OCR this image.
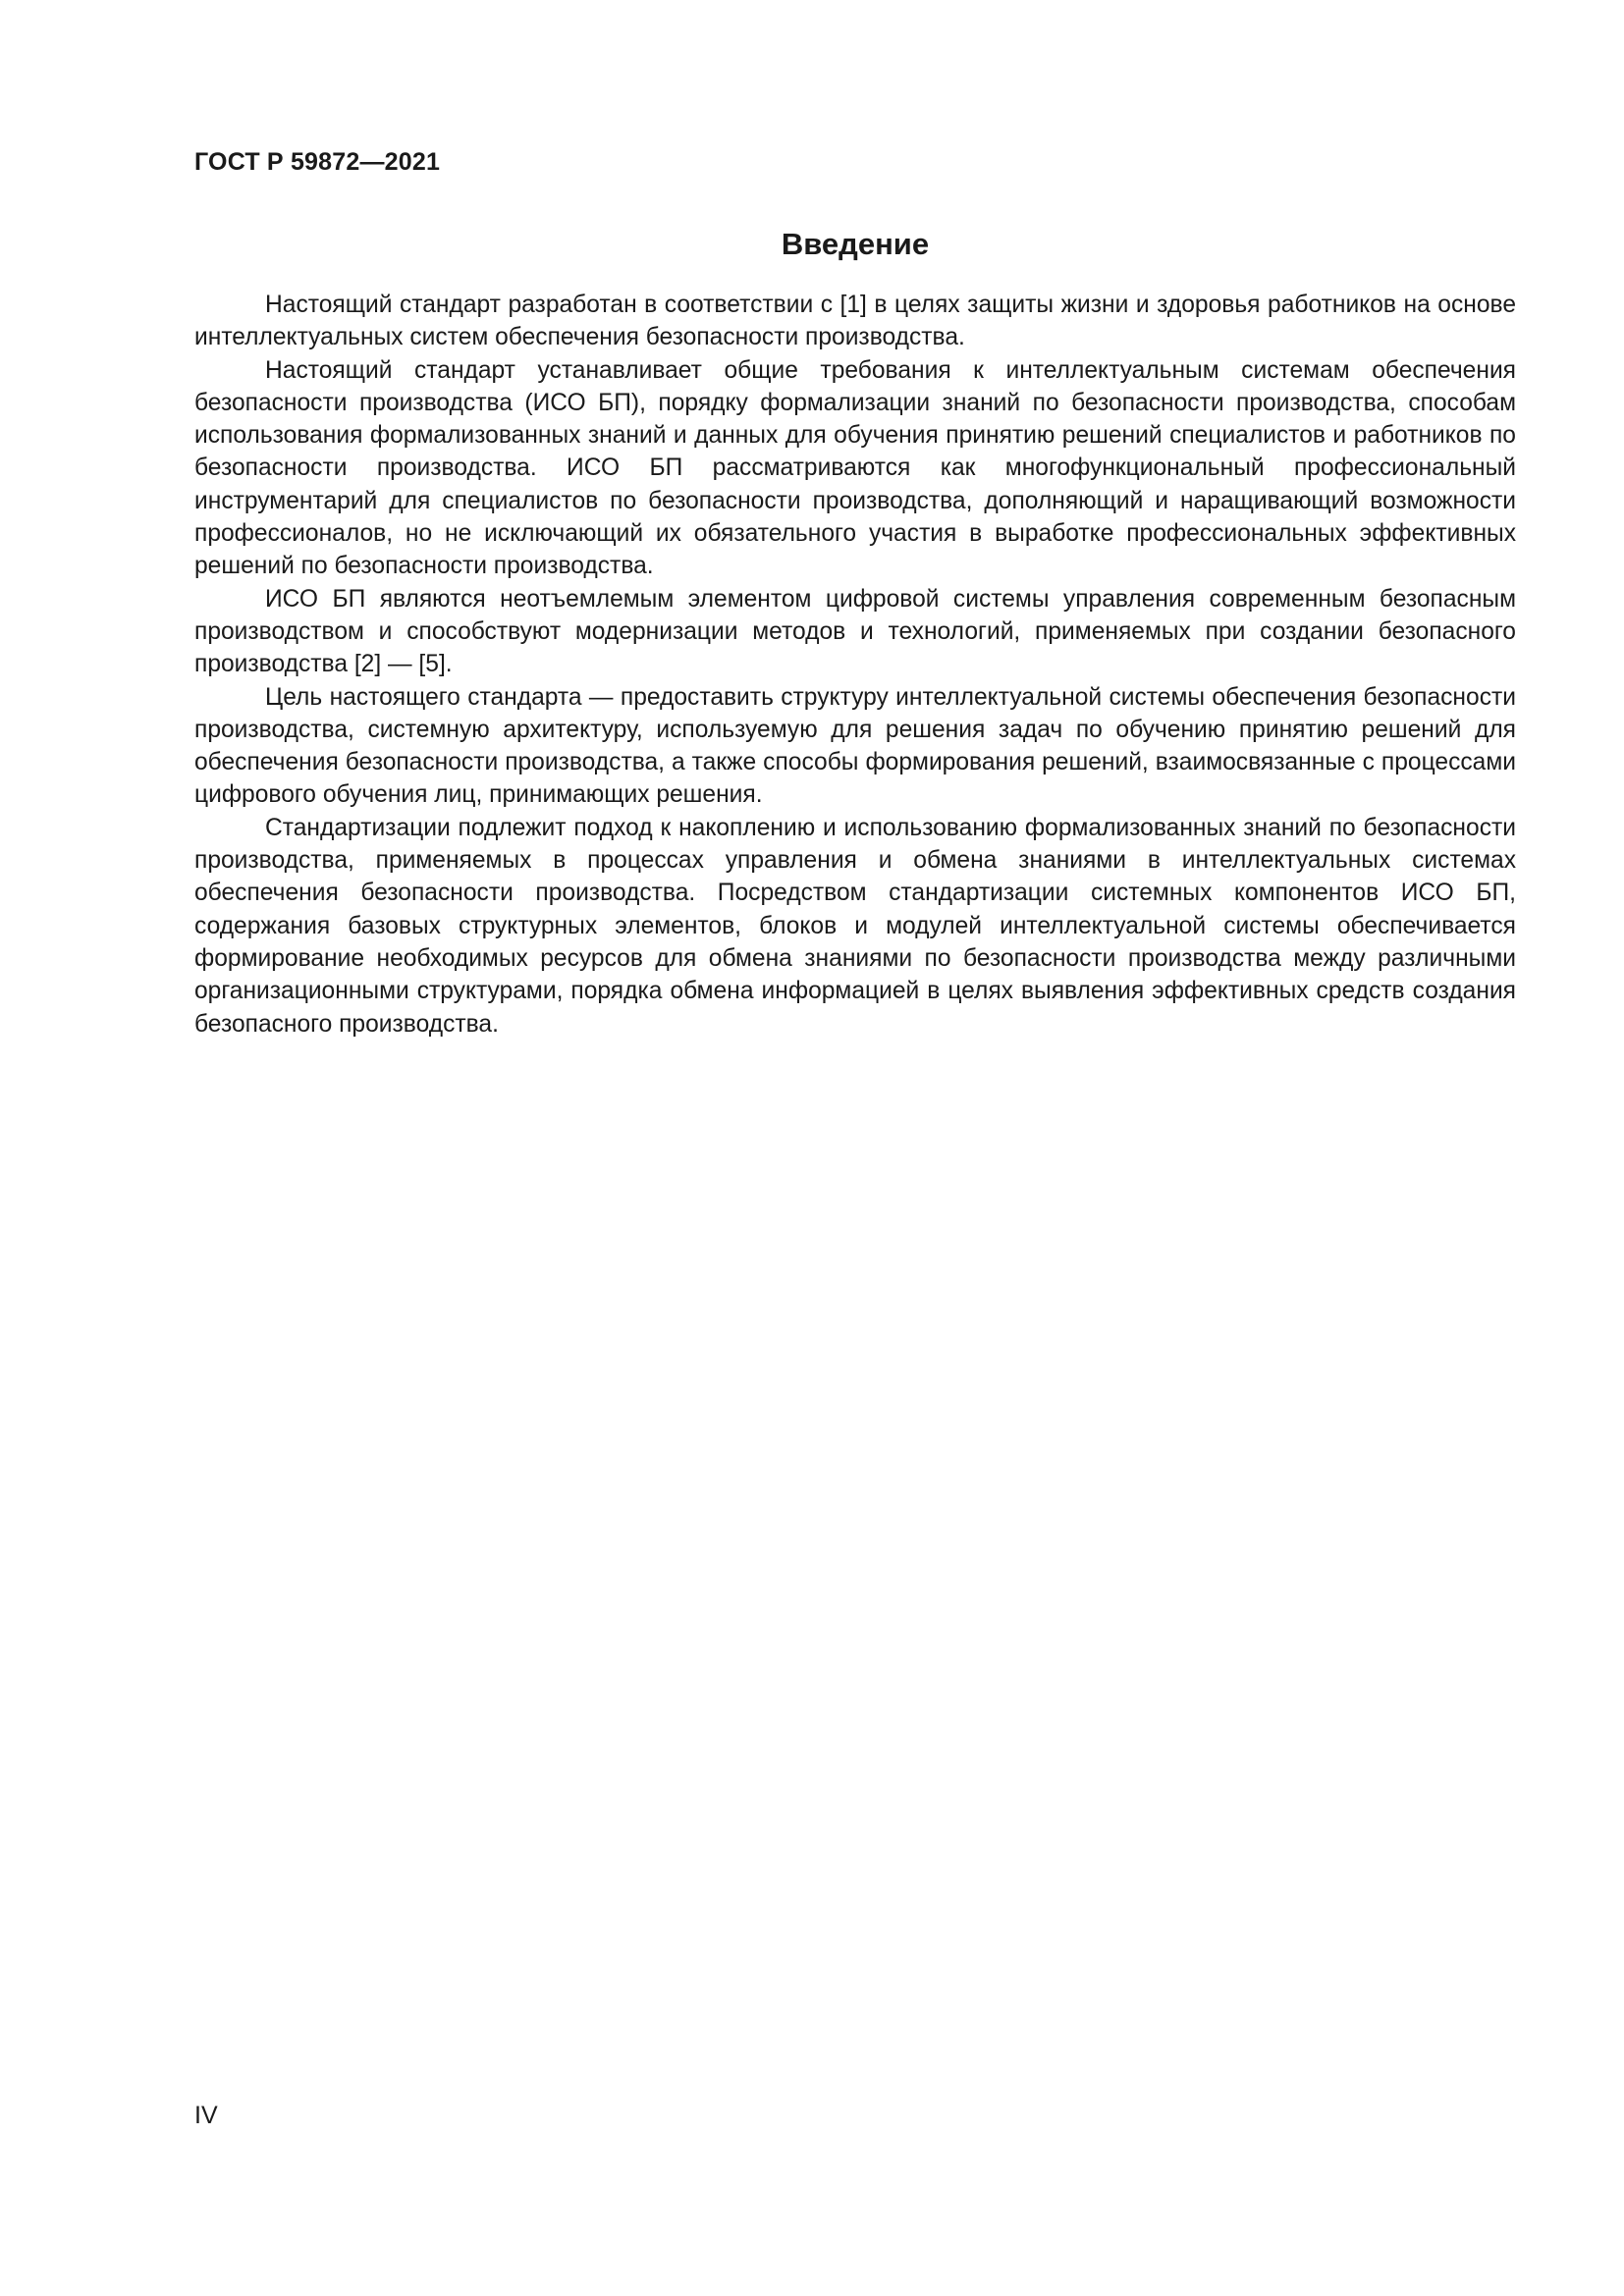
ГОСТ Р 59872—2021
Введение

Настоящий стандарт разработан в соответствии с [1] в целях защиты жизни и здоровья работников на основе интеллектуальных систем обеспечения безопасности производства.

Настоящий стандарт устанавливает общие требования к интеллектуальным системам обеспечения безопасности производства (ИСО БП), порядку формализации знаний по безопасности производства, способам использования формализованных знаний и данных для обучения принятию решений специалистов и работников по безопасности производства. ИСО БП рассматриваются как многофункциональный профессиональный инструментарий для специалистов по безопасности производства, дополняющий и наращивающий возможности профессионалов, но не исключающий их обязательного участия в выработке профессиональных эффективных решений по безопасности производства.

ИСО БП являются неотъемлемым элементом цифровой системы управления современным безопасным производством и способствуют модернизации методов и технологий, применяемых при создании безопасного производства [2] — [5].

Цель настоящего стандарта — предоставить структуру интеллектуальной системы обеспечения безопасности производства, системную архитектуру, используемую для решения задач по обучению принятию решений для обеспечения безопасности производства, а также способы формирования решений, взаимосвязанные с процессами цифрового обучения лиц, принимающих решения.

Стандартизации подлежит подход к накоплению и использованию формализованных знаний по безопасности производства, применяемых в процессах управления и обмена знаниями в интеллектуальных системах обеспечения безопасности производства. Посредством стандартизации системных компонентов ИСО БП, содержания базовых структурных элементов, блоков и модулей интеллектуальной системы обеспечивается формирование необходимых ресурсов для обмена знаниями по безопасности производства между различными организационными структурами, порядка обмена информацией в целях выявления эффективных средств создания безопасного производства.

IV
